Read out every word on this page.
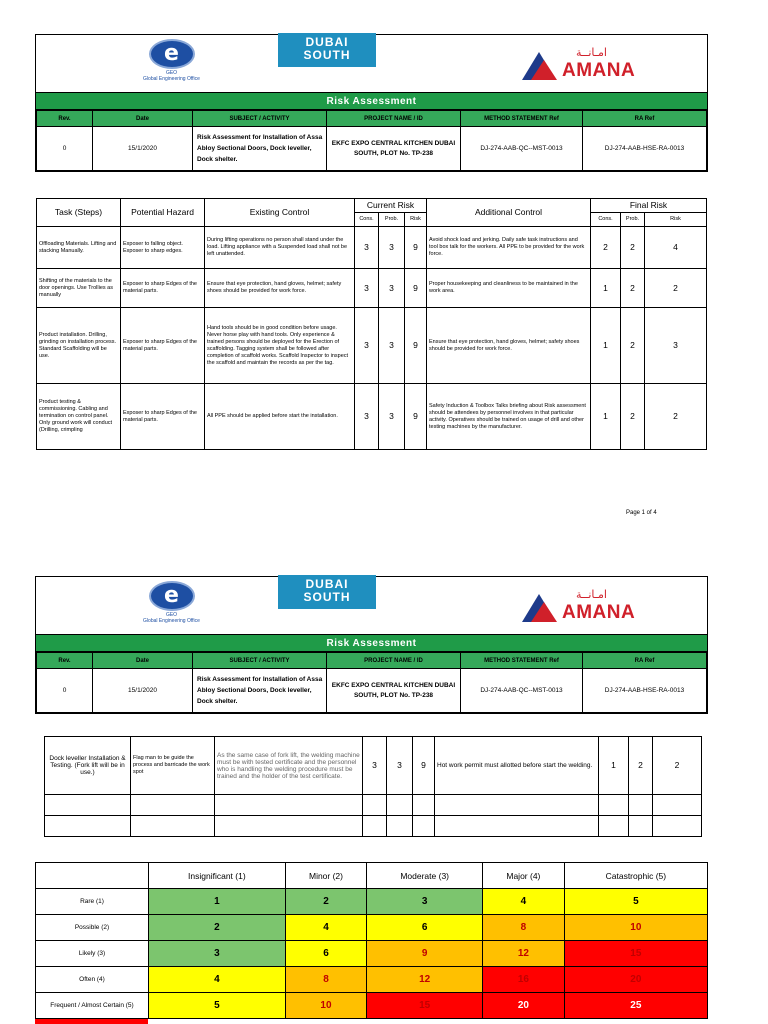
e
GEO
Global Engineering Office
DUBAI
SOUTH	امـانــة
AMANA
Risk Assessment
Rev.	Date	SUBJECT / ACTIVITY	PROJECT NAME / ID	METHOD STATEMENT Ref	RA Ref
0	15/1/2020	Risk Assessment for Installation of Assa Abloy Sectional Doors, Dock leveller, Dock shelter.	EKFC EXPO CENTRAL KITCHEN DUBAI SOUTH, PLOT No. TP-238	DJ-274-AAB-QC--MST-0013	DJ-274-AAB-HSE-RA-0013
Task (Steps)	Potential Hazard	Existing Control	Current Risk			Additional Control	Final Risk		
			Cons.	Prob.	Risk		Cons.	Prob.	Risk
Offloading Materials. Lifting and stacking Manually.	Exposer to falling object. Exposer to sharp edges.	During lifting operations no person shall stand under the load. Lifting appliance with a Suspended load shall not be left unattended.	3	3	9	Avoid shock load and jerking. Daily safe task instructions and tool box talk for the workers. All PPE to be provided for the work force.	2	2	4
Shifting of the materials to the door openings. Use Trollies as manually	Exposer to sharp Edges of the material parts.	Ensure that eye protection, hand gloves, helmet; safety shoes should be provided for work force.	3	3	9	Proper housekeeping and cleanliness to be maintained in the work area.	1	2	2
Product installation. Drilling, grinding on installation process. Standard Scaffolding will be use.	Exposer to sharp Edges of the material parts.	Hand tools should be in good condition before usage. Never horse play with hand tools. Only experience & trained persons should be deployed for the Erection of scaffolding. Tagging system shall be followed after completion of scaffold works. Scaffold Inspector to inspect the scaffold and maintain the records as per the tag.	3	3	9	Ensure that eye protection, hand gloves, helmet; safety shoes should be provided for work force.	1	2	3
Product testing & commissioning. Cabling and termination on control panel. Only ground work will conduct (Drilling, crimpling	Exposer to sharp Edges of the material parts.	All PPE should be applied before start the installation.	3	3	9	Safety Induction & Toolbox Talks briefing about Risk assessment should be attendees by personnel involves in that particular activity. Operatives should be trained on usage of drill and other testing machines by the manufacturer.	1	2	2
Page 1 of 4
e
GEO
Global Engineering Office
DUBAI
SOUTH	امـانــة
AMANA
Risk Assessment
Rev.	Date	SUBJECT / ACTIVITY	PROJECT NAME / ID	METHOD STATEMENT Ref	RA Ref
0	15/1/2020	Risk Assessment for Installation of Assa Abloy Sectional Doors, Dock leveller, Dock shelter.	EKFC EXPO CENTRAL KITCHEN DUBAI SOUTH, PLOT No. TP-238	DJ-274-AAB-QC--MST-0013	DJ-274-AAB-HSE-RA-0013
Dock leveller Installation & Testing. (Fork lift will be in use.)	Flag man to be guide the process and barricade the work spot	As the same case of fork lift, the welding machine must be with tested certificate and the personnel who is handling the welding procedure must be trained and the holder of the test certificate.	3	3	9	Hot work permit must allotted before start the welding.	1	2	2

	Insignificant (1)	Minor (2)	Moderate (3)	Major (4)	Catastrophic (5)
Rare (1)	1	2	3	4	5
Possible (2)	2	4	6	8	10
Likely (3)	3	6	9	12	15
Often (4)	4	8	12	16	20
Frequent / Almost Certain (5)	5	10	15	20	25
